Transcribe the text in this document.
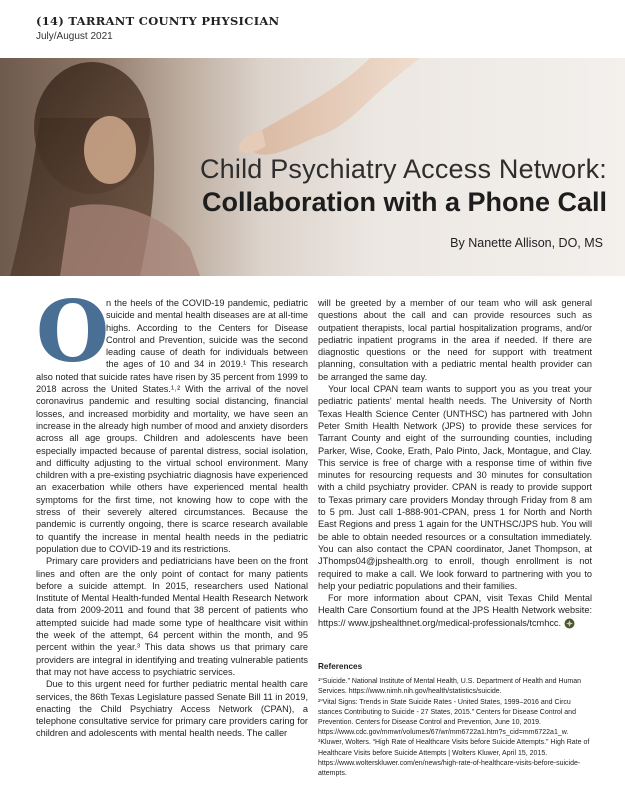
(14) TARRANT COUNTY PHYSICIAN
July/August 2021
Child Psychiatry Access Network:
Collaboration with a Phone Call
By Nanette Allison, DO, MS
O

n the heels of the COVID-19 pandemic, pediatric suicide and mental health diseases are at all-time highs. According to the Centers for Disease Control and Prevention, suicide was the second leading cause of death for individuals between the ages of 10 and 34 in 2019.¹ This research also noted that suicide rates have risen by 35 percent from 1999 to 2018 across the United States.¹˒² With the arrival of the novel coronavirus pandemic and resulting social distancing, financial losses, and increased morbidity and mortality, we have seen an increase in the already high number of mood and anxiety disorders across all age groups. Children and adolescents have been especially impacted because of parental distress, social isolation, and difficulty adjusting to the virtual school environment. Many children with a pre-existing psychiatric diagnosis have experienced an exacerbation while others have experienced mental health symptoms for the first time, not knowing how to cope with the stress of their severely altered circumstances. Because the pandemic is currently ongoing, there is scarce research available to quantify the increase in mental health needs in the pediatric population due to COVID-19 and its restrictions.

Primary care providers and pediatricians have been on the front lines and often are the only point of contact for many patients before a suicide attempt. In 2015, researchers used National Institute of Mental Health-funded Mental Health Research Network data from 2009-2011 and found that 38 percent of patients who attempted suicide had made some type of healthcare visit within the week of the attempt, 64 percent within the month, and 95 percent within the year.³ This data shows us that primary care providers are integral in identifying and treating vulnerable patients that may not have access to psychiatric services.

Due to this urgent need for further pediatric mental health care services, the 86th Texas Legislature passed Senate Bill 11 in 2019, enacting the Child Psychiatry Access Network (CPAN), a telephone consultative service for primary care providers caring for children and adolescents with mental health needs. The caller

will be greeted by a member of our team who will ask general questions about the call and can provide resources such as outpatient therapists, local partial hospitalization programs, and/or pediatric inpatient programs in the area if needed. If there are diagnostic questions or the need for support with treatment planning, consultation with a pediatric mental health provider can be arranged the same day.

Your local CPAN team wants to support you as you treat your pediatric patients’ mental health needs. The University of North Texas Health Science Center (UNTHSC) has partnered with John Peter Smith Health Network (JPS) to provide these services for Tarrant County and eight of the surrounding counties, including Parker, Wise, Cooke, Erath, Palo Pinto, Jack, Montague, and Clay. This service is free of charge with a response time of within five minutes for resourcing requests and 30 minutes for consultation with a child psychiatry provider. CPAN is ready to provide support to Texas primary care providers Monday through Friday from 8 am to 5 pm. Just call 1-888-901-CPAN, press 1 for North and North East Regions and press 1 again for the UNTHSC/JPS hub. You will be able to obtain needed resources or a consultation immediately. You can also contact the CPAN coordinator, Janet Thompson, at JThomps04@jpshealth.org to enroll, though enrollment is not required to make a call. We look forward to partnering with you to help your pediatric populations and their families.

For more information about CPAN, visit Texas Child Mental Health Care Consortium found at the JPS Health Network website: https:// www.jpshealthnet.org/medical-professionals/tcmhcc.

References

¹“Suicide.” National Institute of Mental Health, U.S. Department of Health and Human Services. https://www.nimh.nih.gov/health/statistics/suicide.

²“Vital Signs: Trends in State Suicide Rates - United States, 1999–2016 and Circu stances Contributing to Suicide - 27 States, 2015.” Centers for Disease Control and Prevention. Centers for Disease Control and Prevention, June 10, 2019. https://www.cdc.gov/mmwr/volumes/67/wr/mm6722a1.htm?s_cid=mm6722a1_w.

³Kluwer, Wolters. “High Rate of Healthcare Visits before Suicide Attempts.” High Rate of Healthcare Visits before Suicide Attempts | Wolters Kluwer, April 15, 2015. https://www.wolterskluwer.com/en/news/high-rate-of-healthcare-visits-before-suicide-attempts.
